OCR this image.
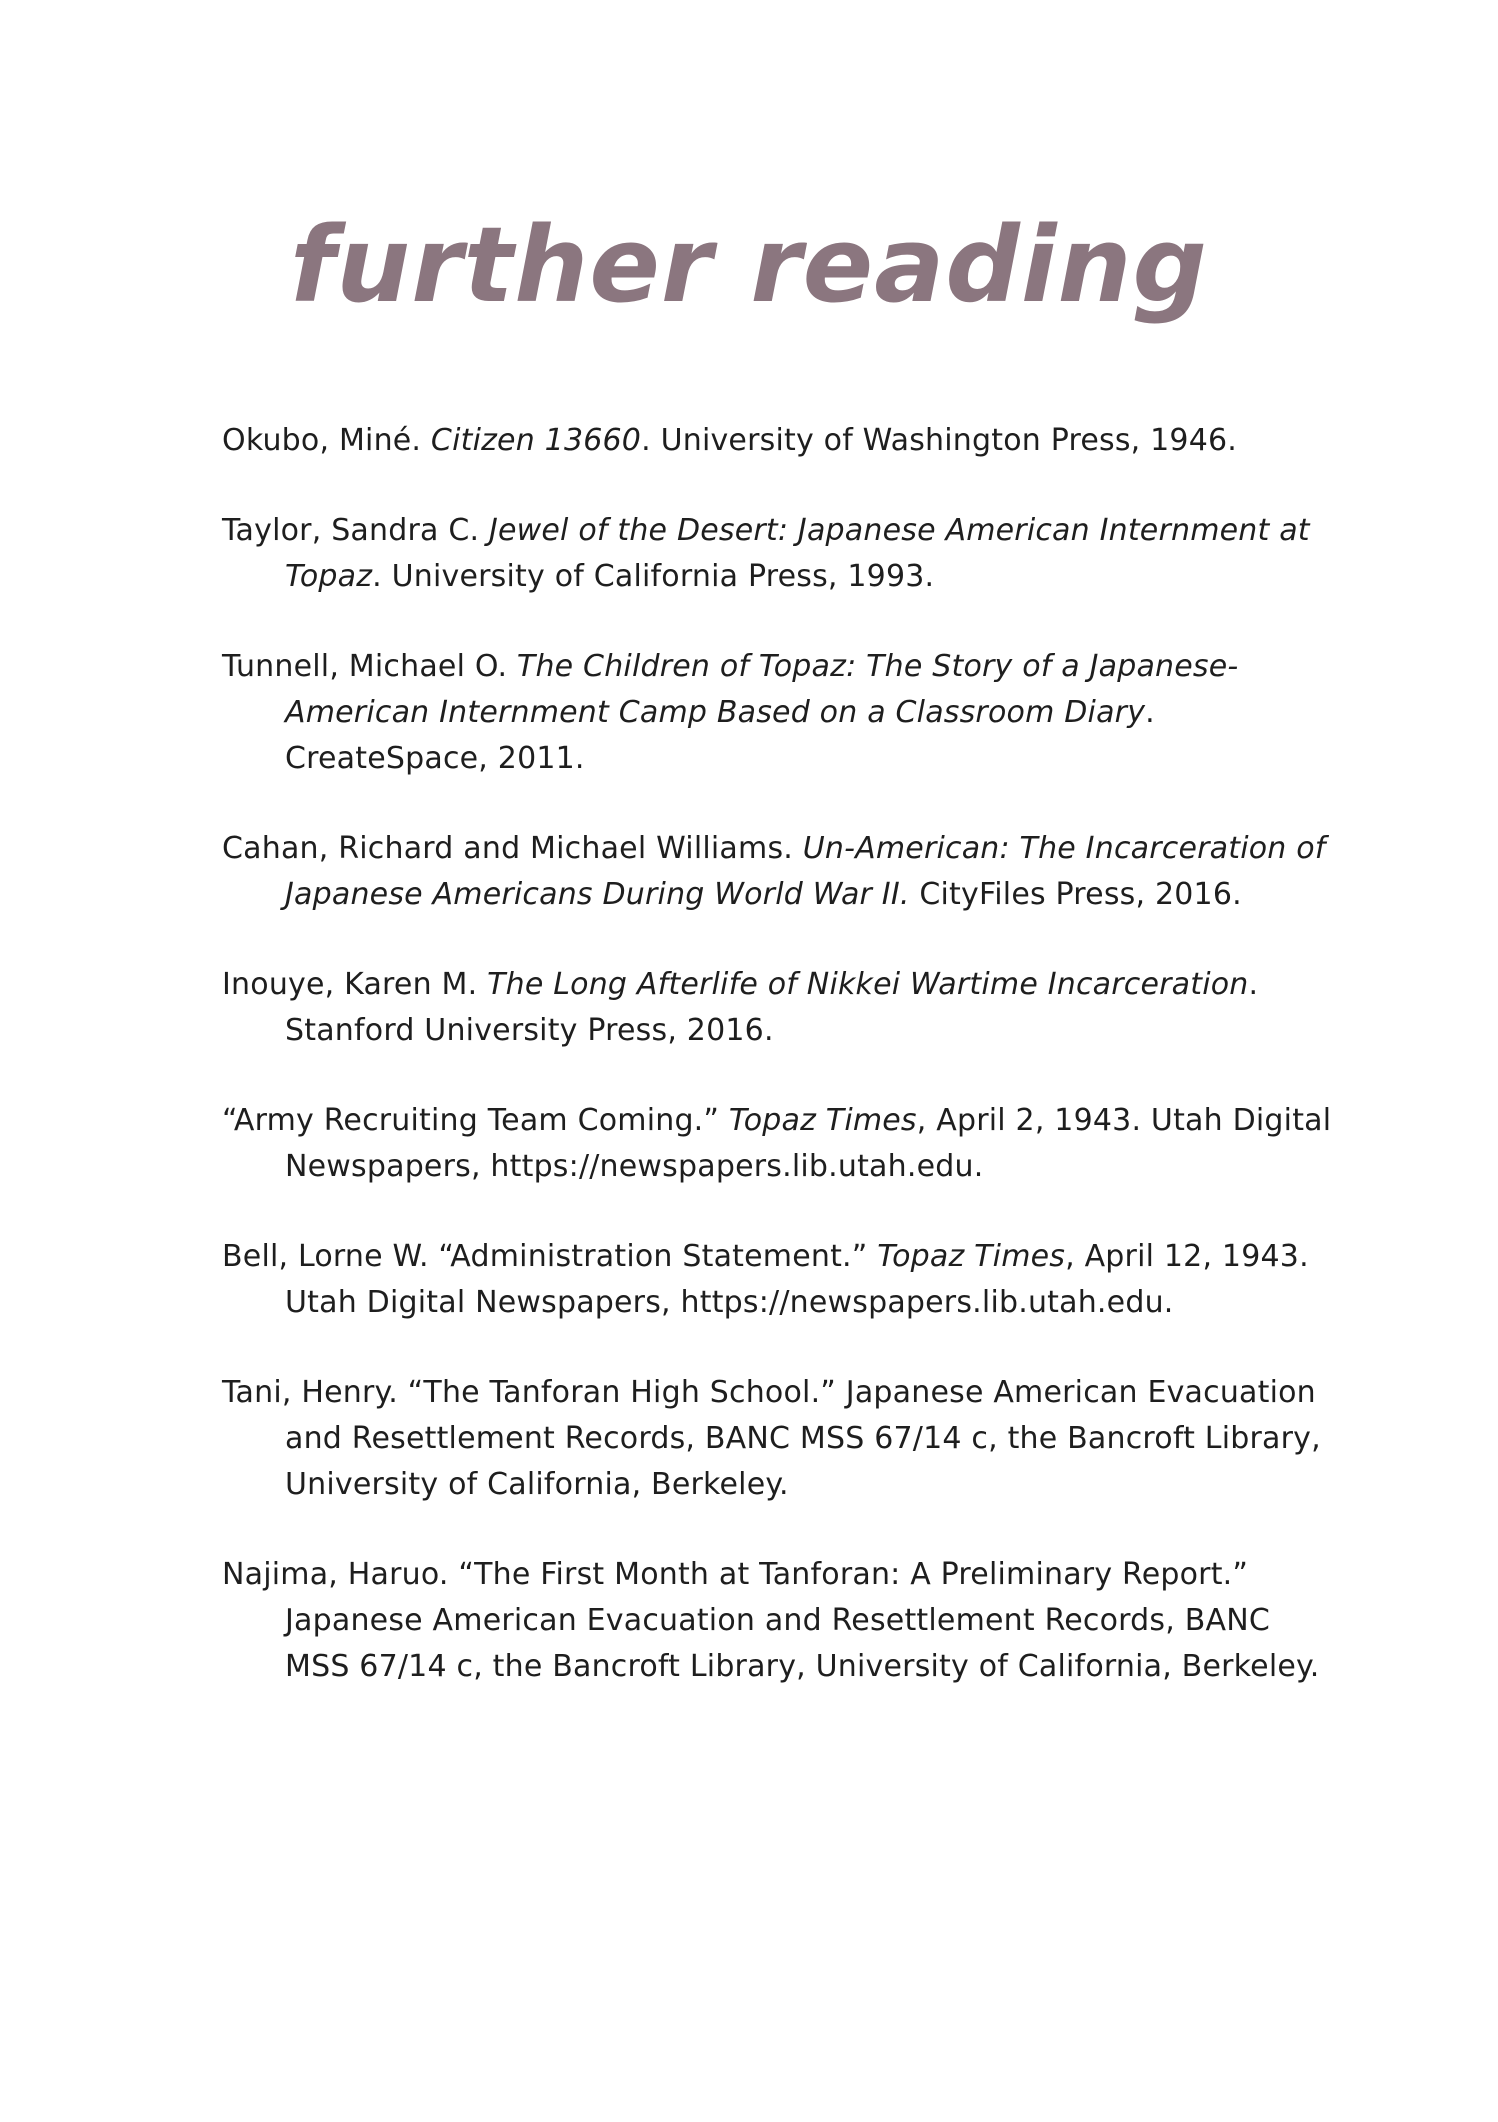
further reading
Okubo, Miné. Citizen 13660. University of Washington Press, 1946.
Taylor, Sandra C. Jewel of the Desert: Japanese American Internment at Topaz. University of California Press, 1993.
Tunnell, Michael O. The Children of Topaz: The Story of a Japanese-American Internment Camp Based on a Classroom Diary. CreateSpace, 2011.
Cahan, Richard and Michael Williams. Un-American: The Incarceration of Japanese Americans During World War II. CityFiles Press, 2016.
Inouye, Karen M. The Long Afterlife of Nikkei Wartime Incarceration. Stanford University Press, 2016.
“Army Recruiting Team Coming.” Topaz Times, April 2, 1943. Utah Digital Newspapers, https://newspapers.lib.utah.edu.
Bell, Lorne W. “Administration Statement.” Topaz Times, April 12, 1943. Utah Digital Newspapers, https://newspapers.lib.utah.edu.
Tani, Henry. “The Tanforan High School.” Japanese American Evacuation and Resettlement Records, BANC MSS 67/14 c, the Bancroft Library, University of California, Berkeley.
Najima, Haruo. “The First Month at Tanforan: A Preliminary Report.” Japanese American Evacuation and Resettlement Records, BANC MSS 67/14 c, the Bancroft Library, University of California, Berkeley.
